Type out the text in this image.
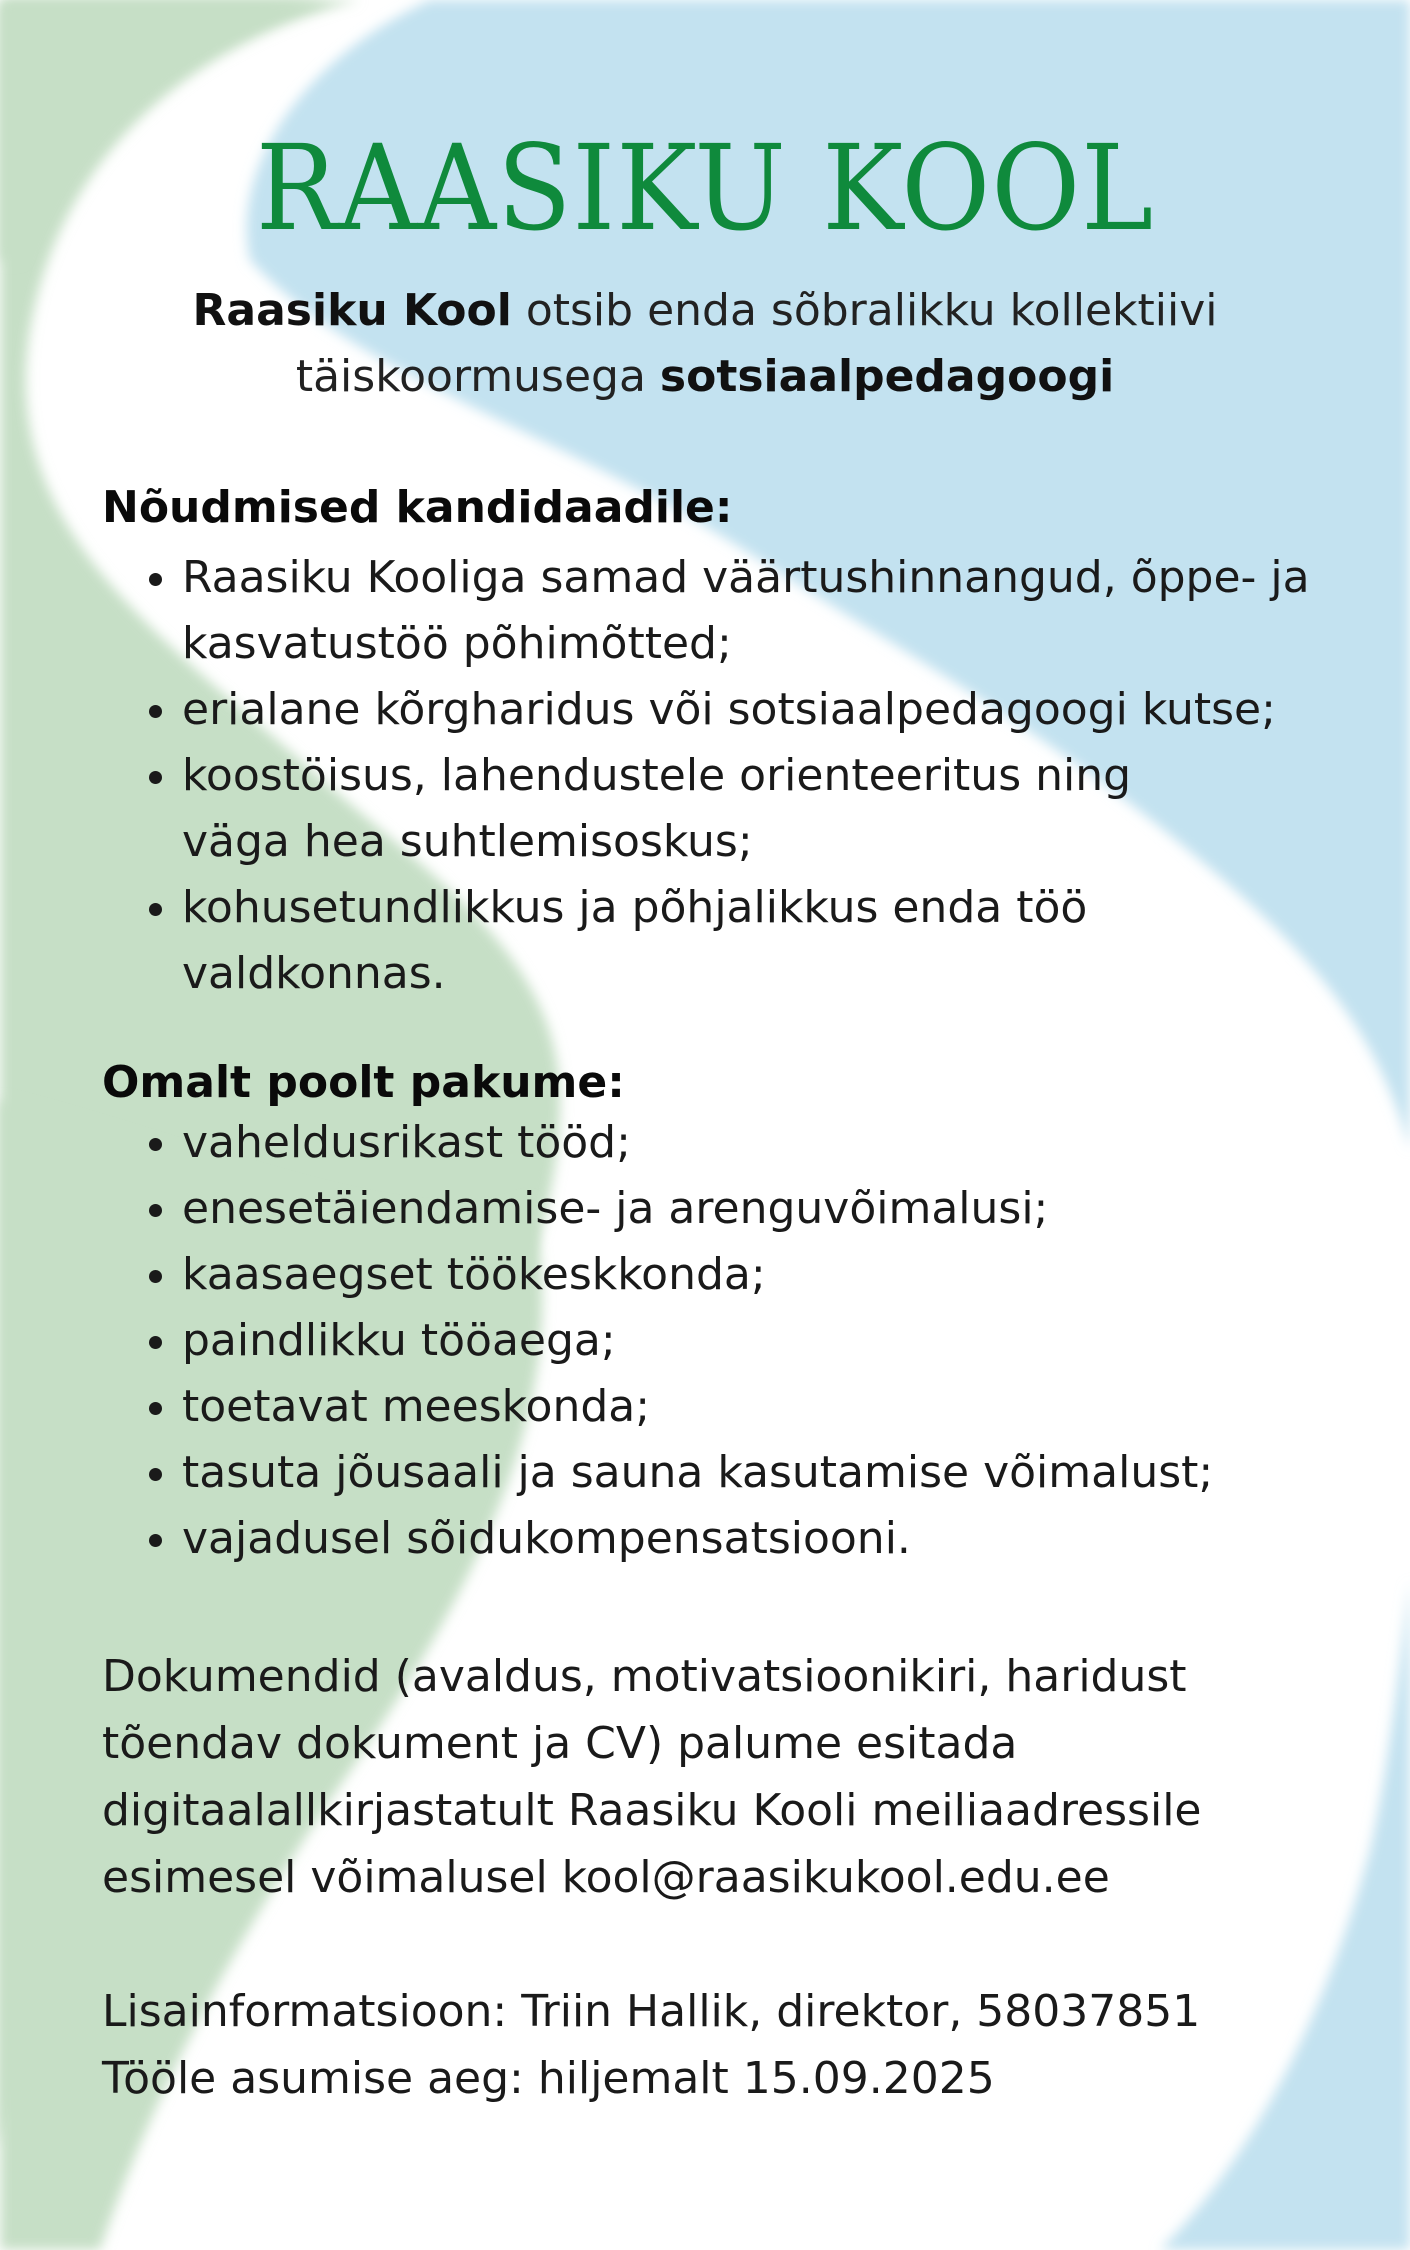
RAASIKU KOOL
Raasiku Kool otsib enda sõbralikku kollektiivi
täiskoormusega sotsiaalpedagoogi
Nõudmised kandidaadile:
• Raasiku Kooliga samad väärtushinnangud, õppe- ja kasvatustöö põhimõtted;
• erialane kõrgharidus või sotsiaalpedagoogi kutse;
• koostöisus, lahendustele orienteeritus ning väga hea suhtlemisoskus;
• kohusetundlikkus ja põhjalikkus enda töö valdkonnas.
Omalt poolt pakume:
• vaheldusrikast tööd;
• enesetäiendamise- ja arenguvõimalusi;
• kaasaegset töökeskkonda;
• paindlikku tööaega;
• toetavat meeskonda;
• tasuta jõusaali ja sauna kasutamise võimalust;
• vajadusel sõidukompensatsiooni.
Dokumendid (avaldus, motivatsioonikiri, haridust tõendav dokument ja CV) palume esitada digitaalallkirjastatult Raasiku Kooli meiliaadressile esimesel võimalusel kool@raasikukool.edu.ee
Lisainformatsioon: Triin Hallik, direktor, 58037851
Tööle asumise aeg: hiljemalt 15.09.2025
